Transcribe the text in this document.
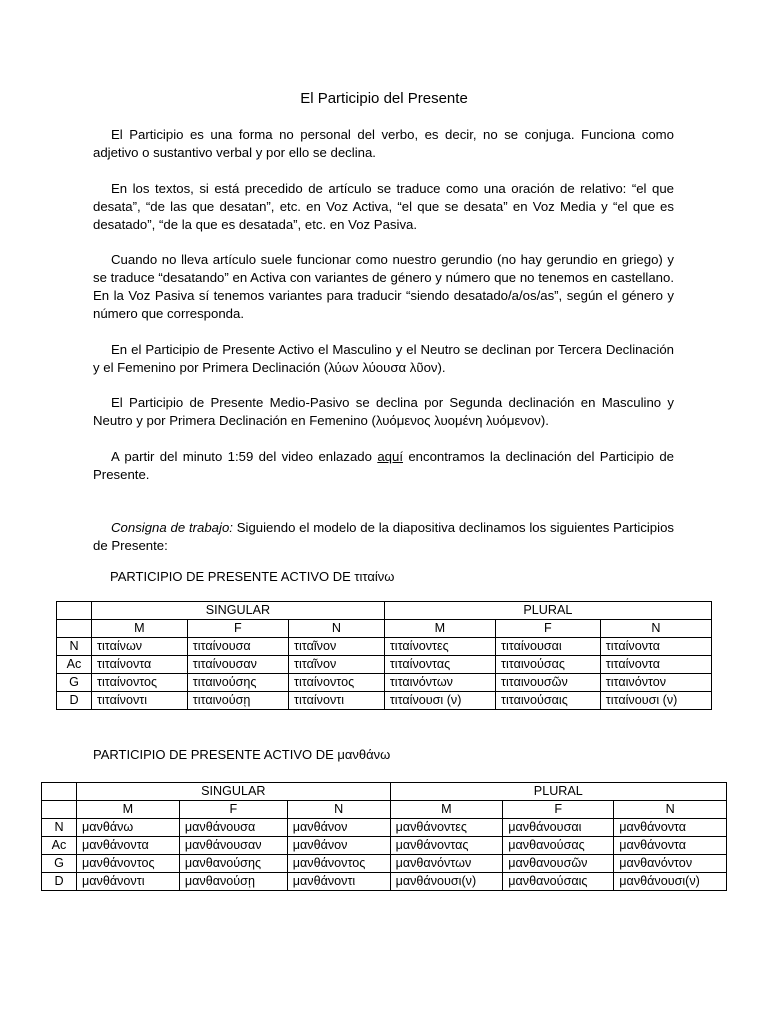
El Participio del Presente
El Participio es una forma no personal del verbo, es decir, no se conjuga. Funciona como adjetivo o sustantivo verbal y por ello se declina.
En los textos, si está precedido de artículo se traduce como una oración de relativo: “el que desata”, “de las que desatan”, etc. en Voz Activa, “el que se desata” en Voz Media y “el que es desatado”, “de la que es desatada”, etc. en Voz Pasiva.
Cuando no lleva artículo suele funcionar como nuestro gerundio (no hay gerundio en griego) y se traduce “desatando” en Activa con variantes de género y número que no tenemos en castellano. En la Voz Pasiva sí tenemos variantes para traducir “siendo desatado/a/os/as”, según el género y número que corresponda.
En el Participio de Presente Activo el Masculino y el Neutro se declinan por Tercera Declinación y el Femenino por Primera Declinación (λύων λύουσα λῦον).
El Participio de Presente Medio-Pasivo se declina por Segunda declinación en Masculino y Neutro y por Primera Declinación en Femenino (λυόμενος λυομένη λυόμενον).
A partir del minuto 1:59 del video enlazado aquí encontramos la declinación del Participio de Presente.
Consigna de trabajo: Siguiendo el modelo de la diapositiva declinamos los siguientes Participios de Presente:
PARTICIPIO DE PRESENTE ACTIVO DE τιταίνω
	SINGULAR			PLURAL		
	M	F	N	M	F	N
N	τιταίνων	τιταίνουσα	τιταῖνον	τιταίνοντες	τιταίνουσαι	τιταίνοντα
Ac	τιταίνοντα	τιταίνουσαν	τιταῖνον	τιταίνοντας	τιταινούσας	τιταίνοντα
G	τιταίνοντος	τιταινούσης	τιταίνοντος	τιταινόντων	τιταινουσῶν	τιταινόντον
D	τιταίνοντι	τιταινούσῃ	τιταίνοντι	τιταίνουσι (ν)	τιταινούσαις	τιταίνουσι (ν)
PARTICIPIO DE PRESENTE ACTIVO DE μανθάνω
	SINGULAR			PLURAL		
	M	F	N	M	F	N
N	μανθάνω	μανθάνουσα	μανθάνον	μανθάνοντες	μανθάνουσαι	μανθάνοντα
Ac	μανθάνοντα	μανθάνουσαν	μανθάνον	μανθάνοντας	μανθανούσας	μανθάνοντα
G	μανθάνοντος	μανθανούσης	μανθάνοντος	μανθανόντων	μανθανουσῶν	μανθανόντον
D	μανθάνοντι	μανθανούσῃ	μανθάνοντι	μανθάνουσι(ν)	μανθανούσαις	μανθάνουσι(ν)
